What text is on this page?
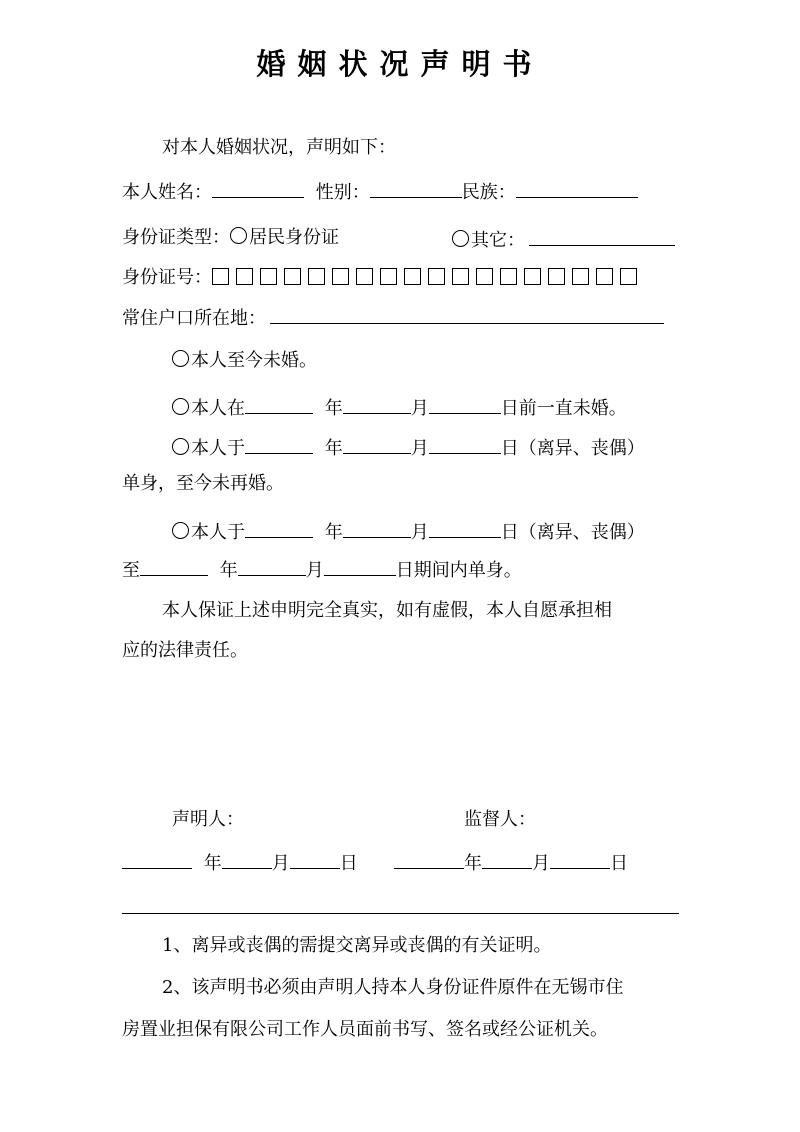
婚姻状况声明书
对本人婚姻状况，声明如下：
本人姓名：	性别：	民族：
身份证类型： 居民身份证	其它：
身份证号：
常住户口所在地：
本人至今未婚。
本人在	年	月	日前一直未婚。
本人于	年	月	日（离异、丧偶）
单身，至今未再婚。
本人于	年	月	日（离异、丧偶）
至	年	月	日期间内单身。
本人保证上述申明完全真实，如有虚假，本人自愿承担相
应的法律责任。
声明人：	监督人：
年	月	日	年	月	日
1、离异或丧偶的需提交离异或丧偶的有关证明。
2、该声明书必须由声明人持本人身份证件原件在无锡市住
房置业担保有限公司工作人员面前书写、签名或经公证机关。
